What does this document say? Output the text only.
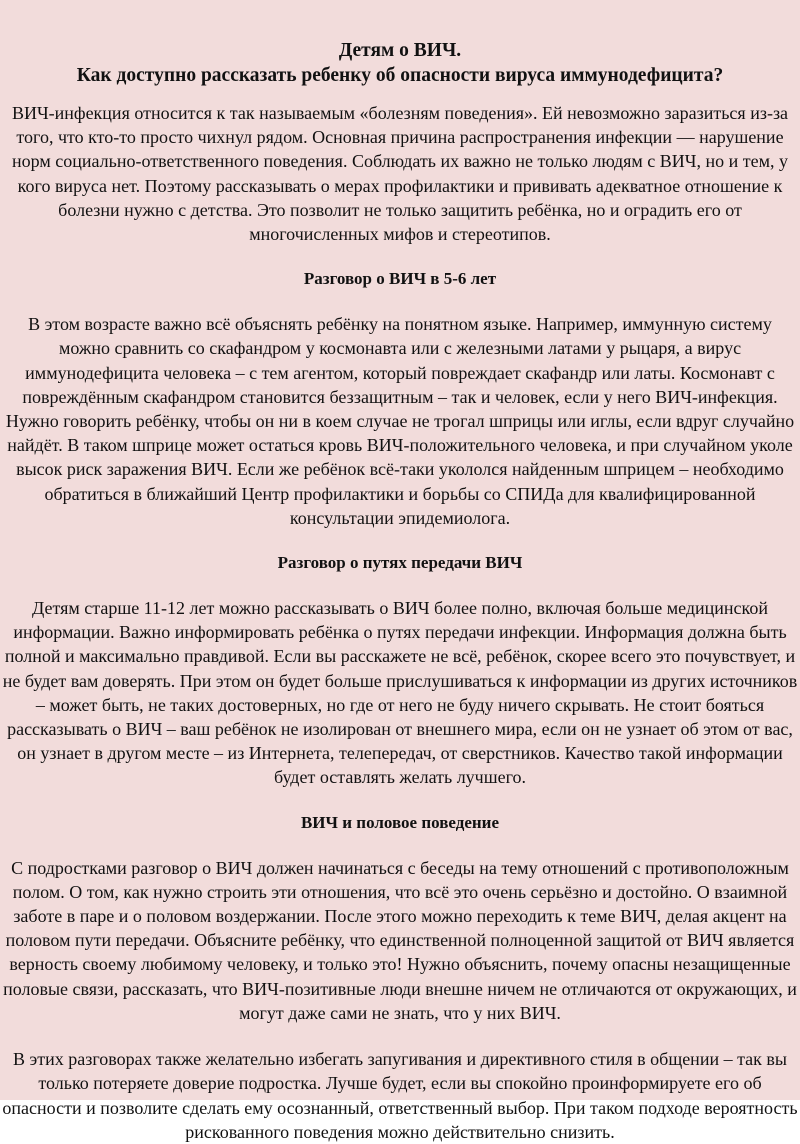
Детям о ВИЧ.

Как доступно рассказать ребенку об опасности вируса иммунодефицита?

ВИЧ-инфекция относится к так называемым «болезням поведения». Ей невозможно заразиться из-за того, что кто-то просто чихнул рядом. Основная причина распространения инфекции — нарушение норм социально-ответственного поведения. Соблюдать их важно не только людям с ВИЧ, но и тем, у кого вируса нет. Поэтому рассказывать о мерах профилактики и прививать адекватное отношение к болезни нужно с детства. Это позволит не только защитить ребёнка, но и оградить его от многочисленных мифов и стереотипов.

Разговор о ВИЧ в 5-6 лет

В этом возрасте важно всё объяснять ребёнку на понятном языке. Например, иммунную систему можно сравнить со скафандром у космонавта или с железными латами у рыцаря, а вирус иммунодефицита человека – с тем агентом, который повреждает скафандр или латы. Космонавт с повреждённым скафандром становится беззащитным – так и человек, если у него ВИЧ-инфекция. Нужно говорить ребёнку, чтобы он ни в коем случае не трогал шприцы или иглы, если вдруг случайно найдёт. В таком шприце может остаться кровь ВИЧ-положительного человека, и при случайном уколе высок риск заражения ВИЧ. Если же ребёнок всё-таки укололся найденным шприцем – необходимо обратиться в ближайший Центр профилактики и борьбы со СПИДа для квалифицированной консультации эпидемиолога.

Разговор о путях передачи ВИЧ

Детям старше 11-12 лет можно рассказывать о ВИЧ более полно, включая больше медицинской информации. Важно информировать ребёнка о путях передачи инфекции. Информация должна быть полной и максимально правдивой. Если вы расскажете не всё, ребёнок, скорее всего это почувствует, и не будет вам доверять. При этом он будет больше прислушиваться к информации из других источников – может быть, не таких достоверных, но где от него не буду ничего скрывать. Не стоит бояться рассказывать о ВИЧ – ваш ребёнок не изолирован от внешнего мира, если он не узнает об этом от вас, он узнает в другом месте – из Интернета, телепередач, от сверстников. Качество такой информации будет оставлять желать лучшего.

ВИЧ и половое поведение

С подростками разговор о ВИЧ должен начинаться с беседы на тему отношений с противоположным полом. О том, как нужно строить эти отношения, что всё это очень серьёзно и достойно. О взаимной заботе в паре и о половом воздержании. После этого можно переходить к теме ВИЧ, делая акцент на половом пути передачи. Объясните ребёнку, что единственной полноценной защитой от ВИЧ является верность своему любимому человеку, и только это! Нужно объяснить, почему опасны незащищенные половые связи, рассказать, что ВИЧ-позитивные люди внешне ничем не отличаются от окружающих, и могут даже сами не знать, что у них ВИЧ.

В этих разговорах также желательно избегать запугивания и директивного стиля в общении – так вы только потеряете доверие подростка. Лучше будет, если вы спокойно проинформируете его об опасности и позволите сделать ему осознанный, ответственный выбор. При таком подходе вероятность рискованного поведения можно действительно снизить.
